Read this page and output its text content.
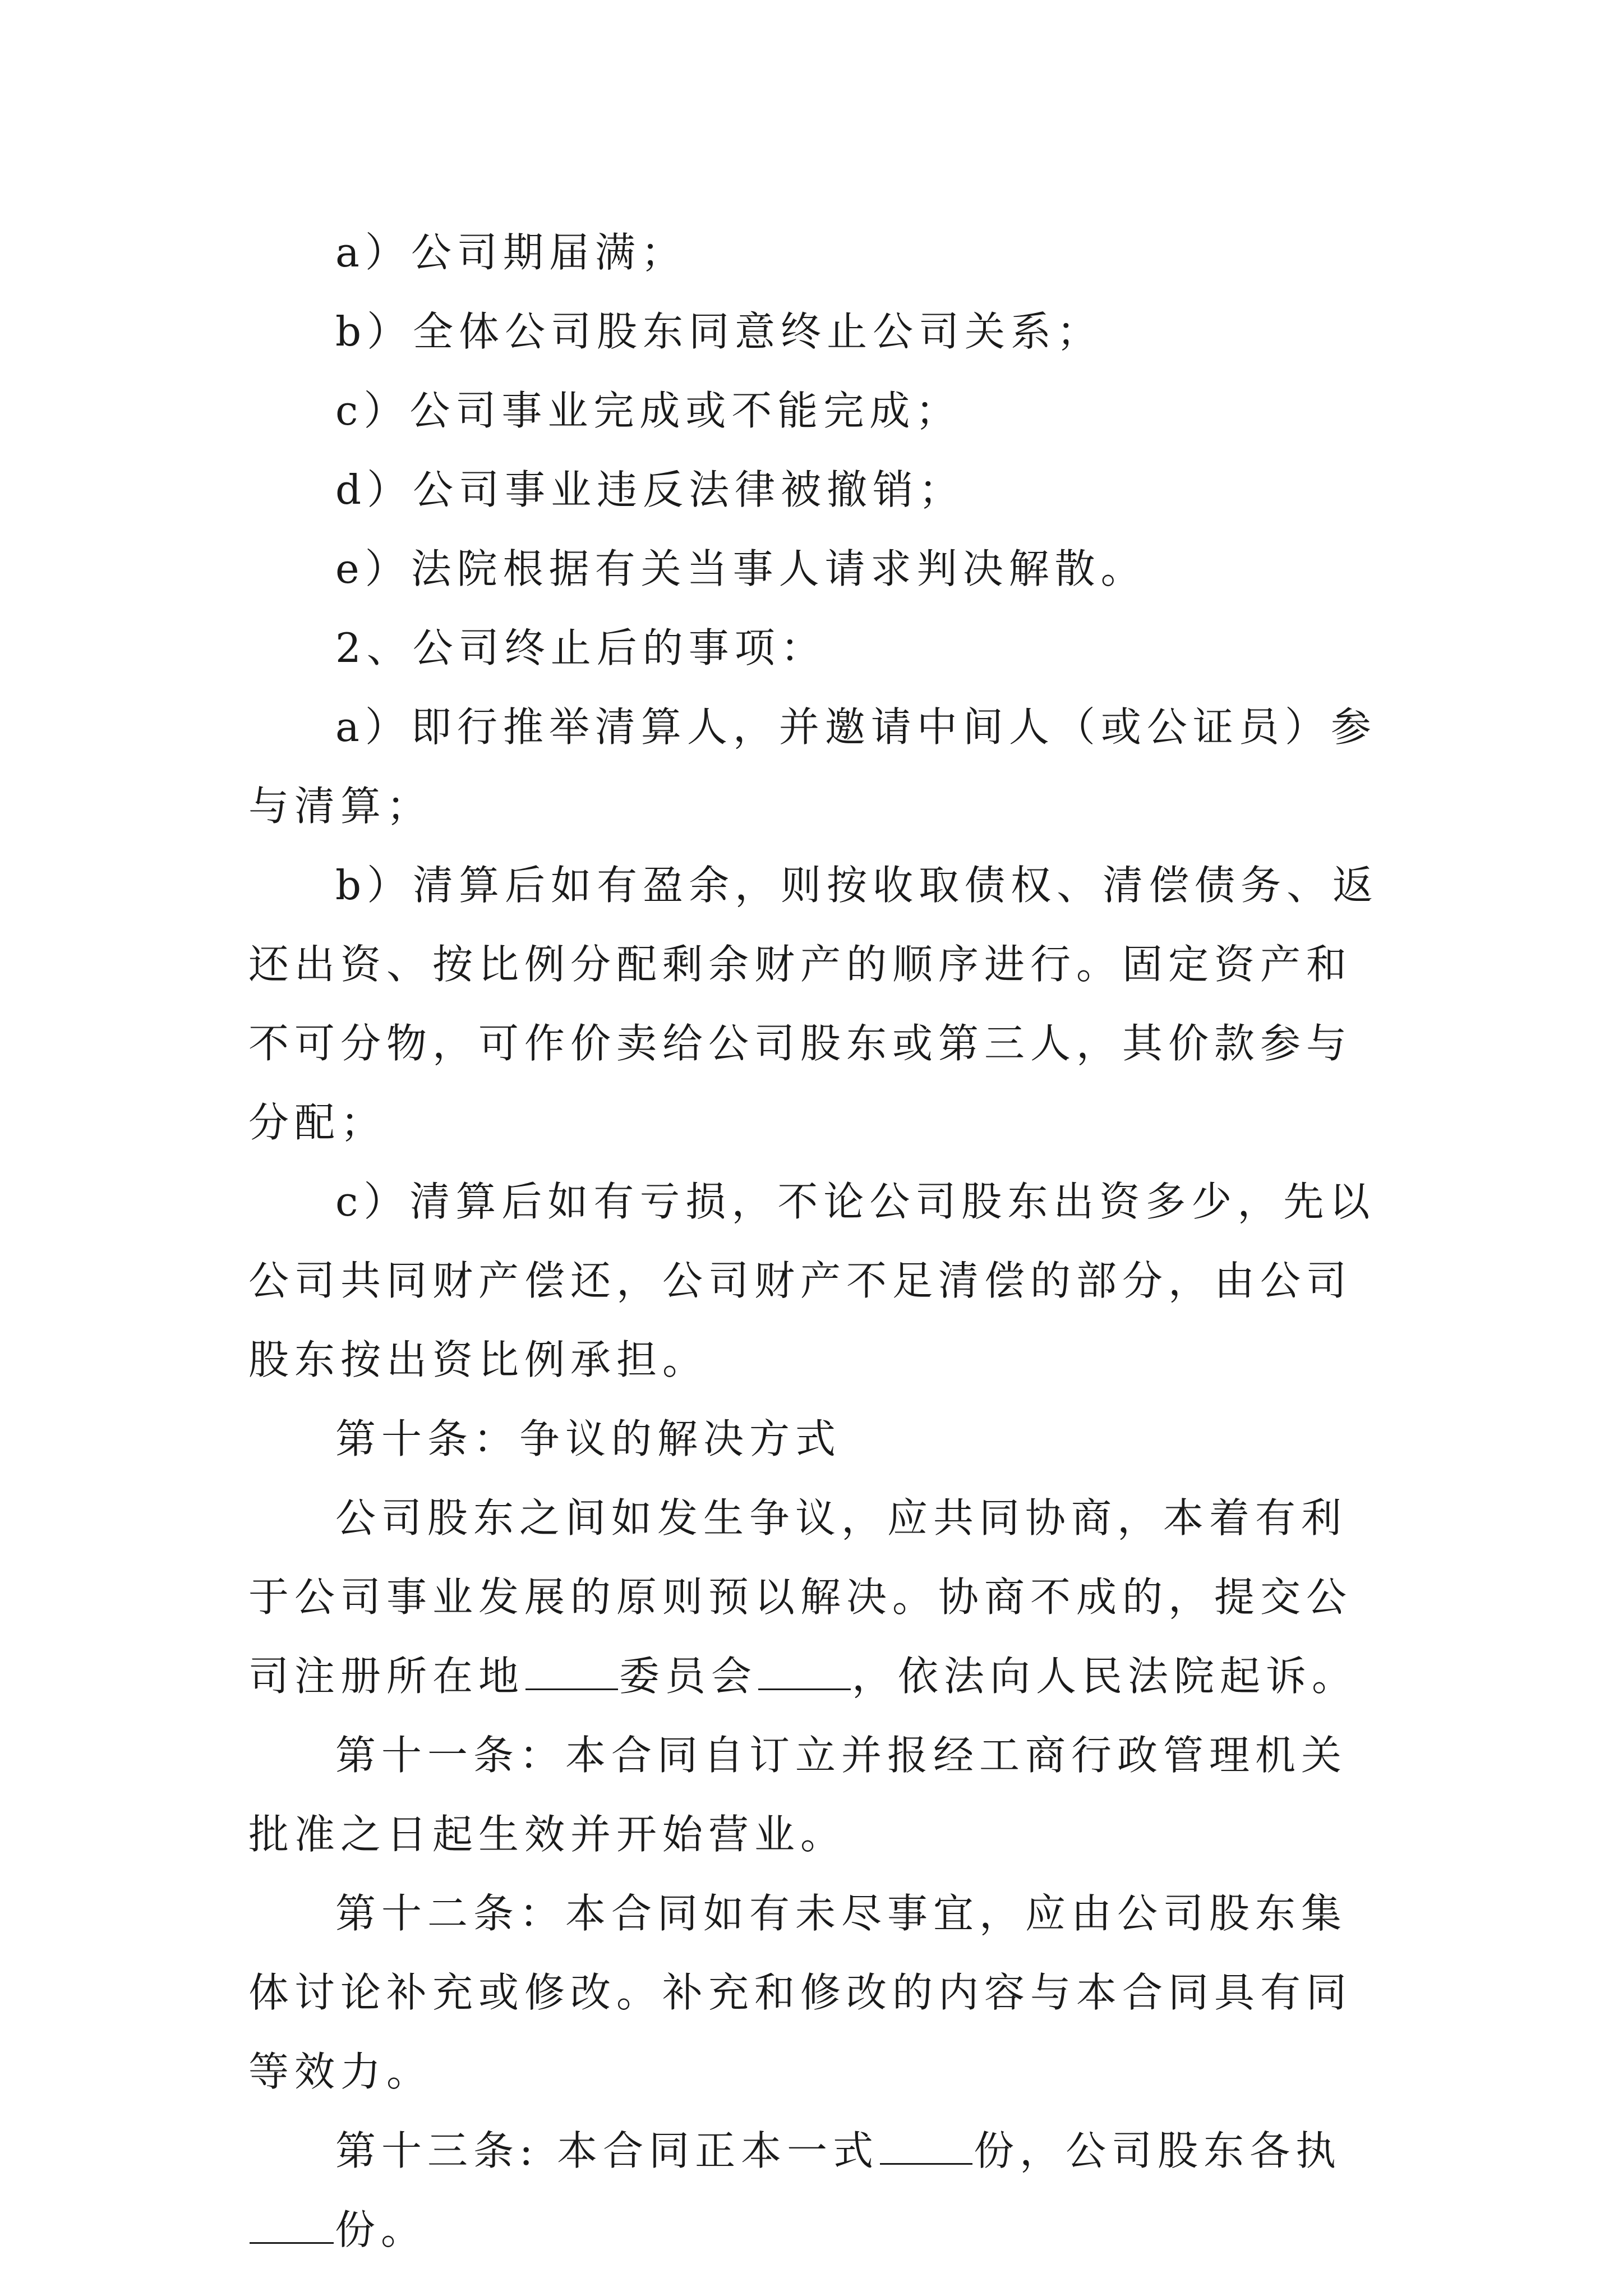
a）公司期届满；

b）全体公司股东同意终止公司关系；

c）公司事业完成或不能完成；

d）公司事业违反法律被撤销；

e）法院根据有关当事人请求判决解散。

2、公司终止后的事项：

a）即行推举清算人，并邀请中间人（或公证员）参与清算；

b）清算后如有盈余，则按收取债权、清偿债务、返还出资、按比例分配剩余财产的顺序进行。固定资产和不可分物，可作价卖给公司股东或第三人，其价款参与分配；

c）清算后如有亏损，不论公司股东出资多少，先以公司共同财产偿还，公司财产不足清偿的部分，由公司股东按出资比例承担。

第十条：争议的解决方式

公司股东之间如发生争议，应共同协商，本着有利于公司事业发展的原则预以解决。协商不成的，提交公司注册所在地 委员会 ，依法向人民法院起诉。

第十一条：本合同自订立并报经工商行政管理机关批准之日起生效并开始营业。

第十二条：本合同如有未尽事宜，应由公司股东集体讨论补充或修改。补充和修改的内容与本合同具有同等效力。

第十三条: 本合同正本一式 份，公司股东各执份。
